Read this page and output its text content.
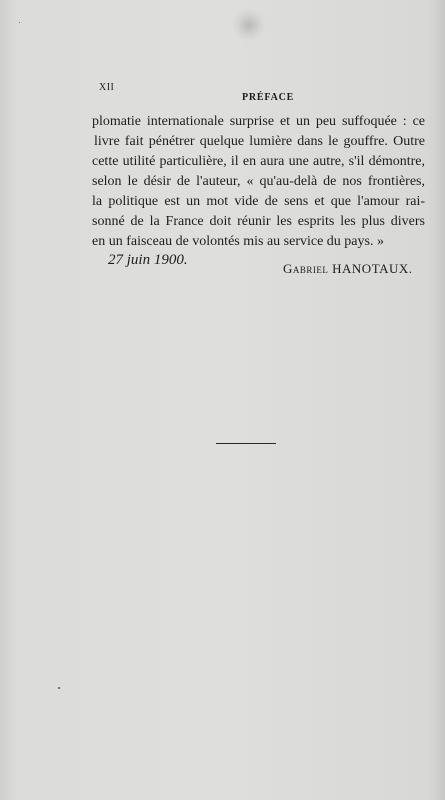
XII
PRÉFACE
plomatie internationale surprise et un peu suffoquée : ce
livre fait pénétrer quelque lumière dans le gouffre. Outre
cette utilité particulière, il en aura une autre, s'il démontre,
selon le désir de l'auteur, « qu'au-delà de nos frontières,
la politique est un mot vide de sens et que l'amour rai-
sonné de la France doit réunir les esprits les plus divers
en un faisceau de volontés mis au service du pays. »
27 juin 1900.
Gabriel HANOTAUX.
